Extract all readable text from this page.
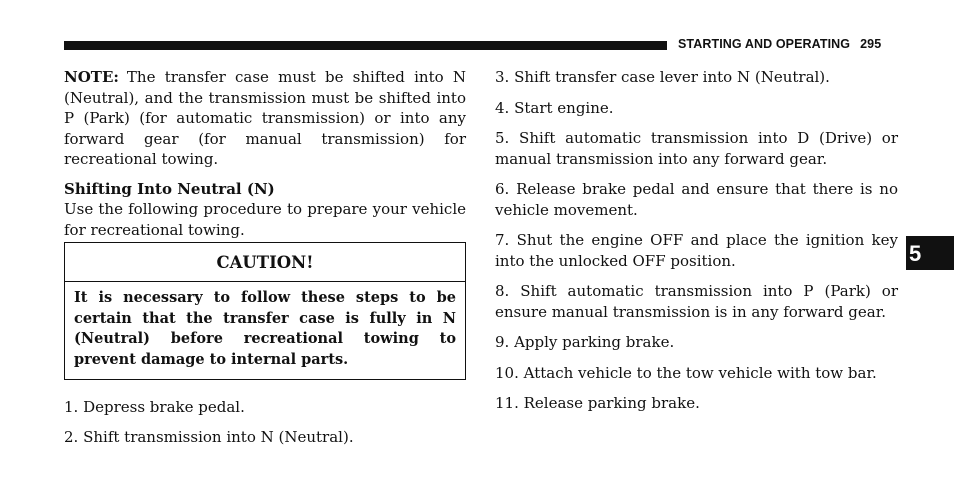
STARTING AND OPERATING 295

NOTE: The transfer case must be shifted into N (Neutral), and the transmission must be shifted into P (Park) (for automatic transmission) or into any forward gear (for manual transmission) for recreational towing.

Shifting Into Neutral (N)

Use the following procedure to prepare your vehicle for recreational towing.

CAUTION!
It is necessary to follow these steps to be certain that the transfer case is fully in N (Neutral) before recreational towing to prevent damage to internal parts.

1. Depress brake pedal.

2. Shift transmission into N (Neutral).

3. Shift transfer case lever into N (Neutral).

4. Start engine.

5. Shift automatic transmission into D (Drive) or manual transmission into any forward gear.

6. Release brake pedal and ensure that there is no vehicle movement.

7. Shut the engine OFF and place the ignition key into the unlocked OFF position.

8. Shift automatic transmission into P (Park) or ensure manual transmission is in any forward gear.

9. Apply parking brake.

10. Attach vehicle to the tow vehicle with tow bar.

11. Release parking brake.

5
